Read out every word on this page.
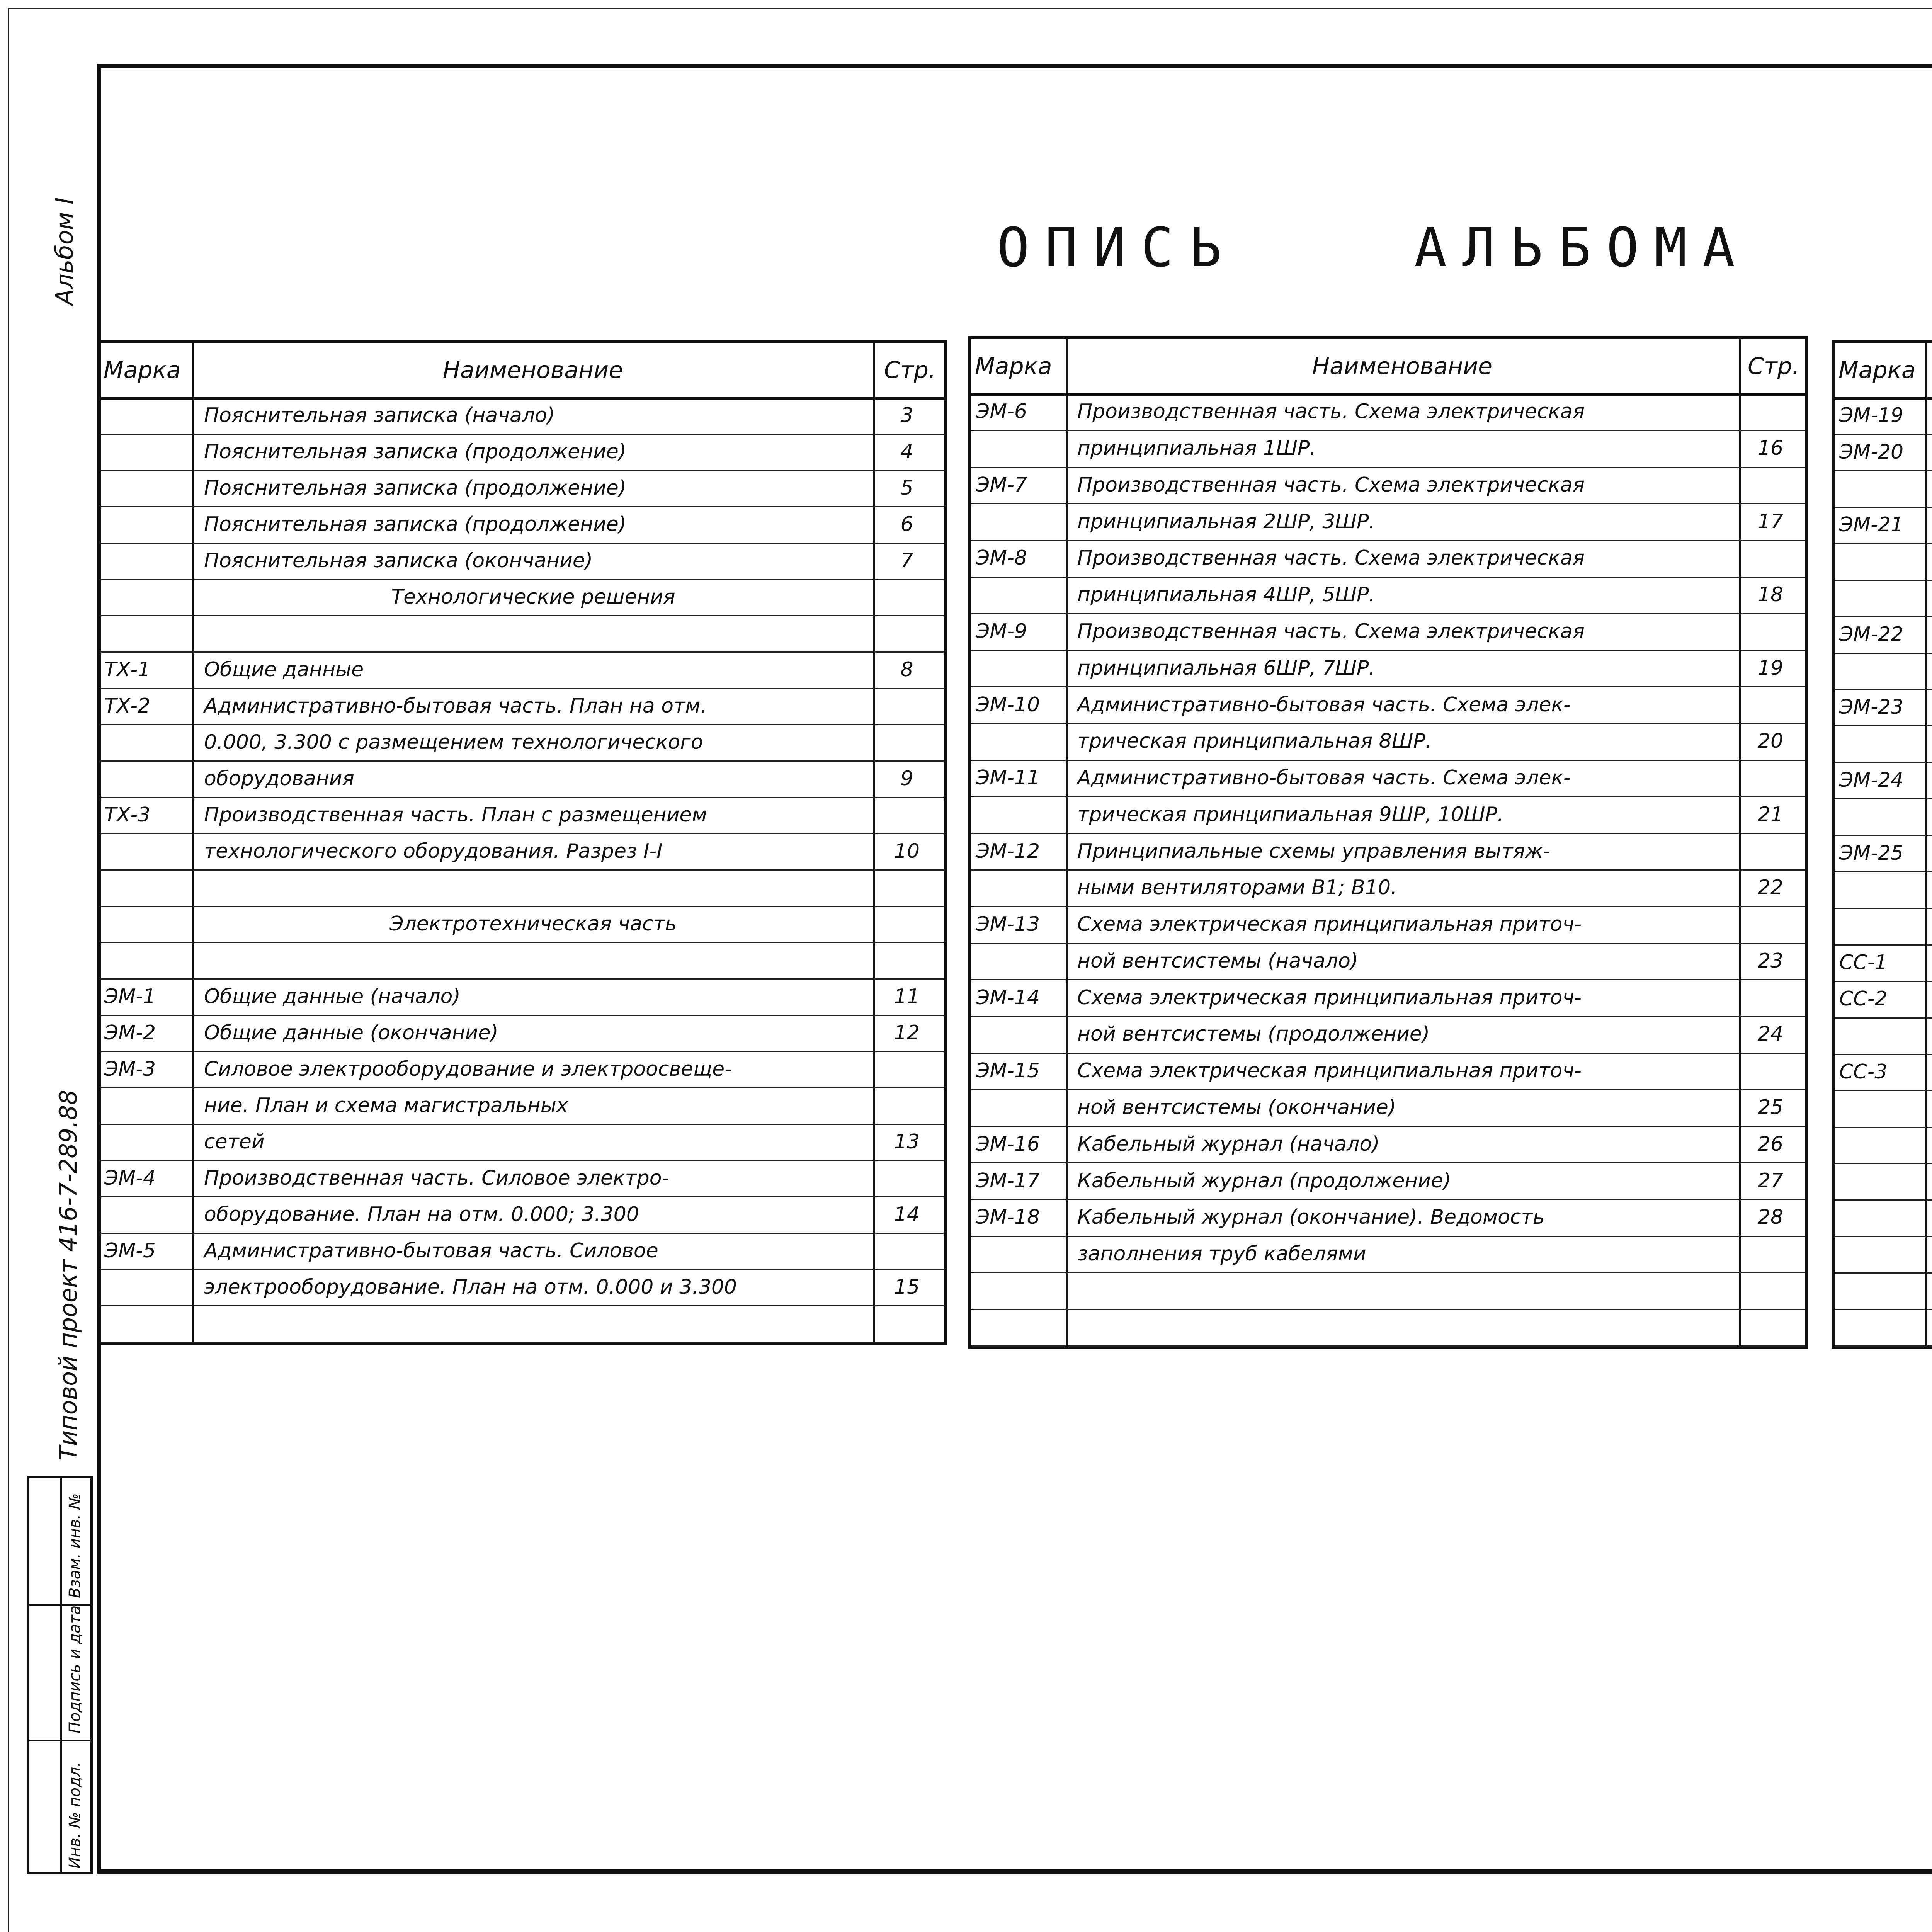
ОПИСЬ	АЛЬБОМА
Альбом I
Типовой проект 416-7-289.88
Инв. № подл.
Подпись и дата
Взам. инв. №
Марка	Наименование	Стр.
Пояснительная записка (начало)	3
Пояснительная записка (продолжение)	4
Пояснительная записка (продолжение)	5
Пояснительная записка (продолжение)	6
Пояснительная записка (окончание)	7
Технологические решения
ТХ-1	Общие данные	8
ТХ-2	Административно-бытовая часть. План на отм.
0.000, 3.300 с размещением технологического
оборудования	9
ТХ-3	Производственная часть. План с размещением
технологического оборудования. Разрез I-I	10
Электротехническая часть
ЭМ-1	Общие данные (начало)	11
ЭМ-2	Общие данные (окончание)	12
ЭМ-3	Силовое электрооборудование и электроосвеще-
ние. План и схема магистральных
сетей	13
ЭМ-4	Производственная часть. Силовое электро-
оборудование. План на отм. 0.000; 3.300	14
ЭМ-5	Административно-бытовая часть. Силовое
электрооборудование. План на отм. 0.000 и 3.300	15
Марка	Наименование	Стр.
ЭМ-6	Производственная часть. Схема электрическая
принципиальная 1ШР.	16
ЭМ-7	Производственная часть. Схема электрическая
принципиальная 2ШР, 3ШР.	17
ЭМ-8	Производственная часть. Схема электрическая
принципиальная 4ШР, 5ШР.	18
ЭМ-9	Производственная часть. Схема электрическая
принципиальная 6ШР, 7ШР.	19
ЭМ-10	Административно-бытовая часть. Схема элек-
трическая принципиальная 8ШР.	20
ЭМ-11	Административно-бытовая часть. Схема элек-
трическая принципиальная 9ШР, 10ШР.	21
ЭМ-12	Принципиальные схемы управления вытяж-
ными вентиляторами В1; В10.	22
ЭМ-13	Схема электрическая принципиальная приточ-
ной вентсистемы (начало)	23
ЭМ-14	Схема электрическая принципиальная приточ-
ной вентсистемы (продолжение)	24
ЭМ-15	Схема электрическая принципиальная приточ-
ной вентсистемы (окончание)	25
ЭМ-16	Кабельный журнал (начало)	26
ЭМ-17	Кабельный журнал (продолжение)	27
ЭМ-18	Кабельный журнал (окончание). Ведомость	28
заполнения труб кабелями
Марка
ЭМ-19
ЭМ-20
ЭМ-21
ЭМ-22
ЭМ-23
ЭМ-24
ЭМ-25
СС-1
СС-2
СС-3
